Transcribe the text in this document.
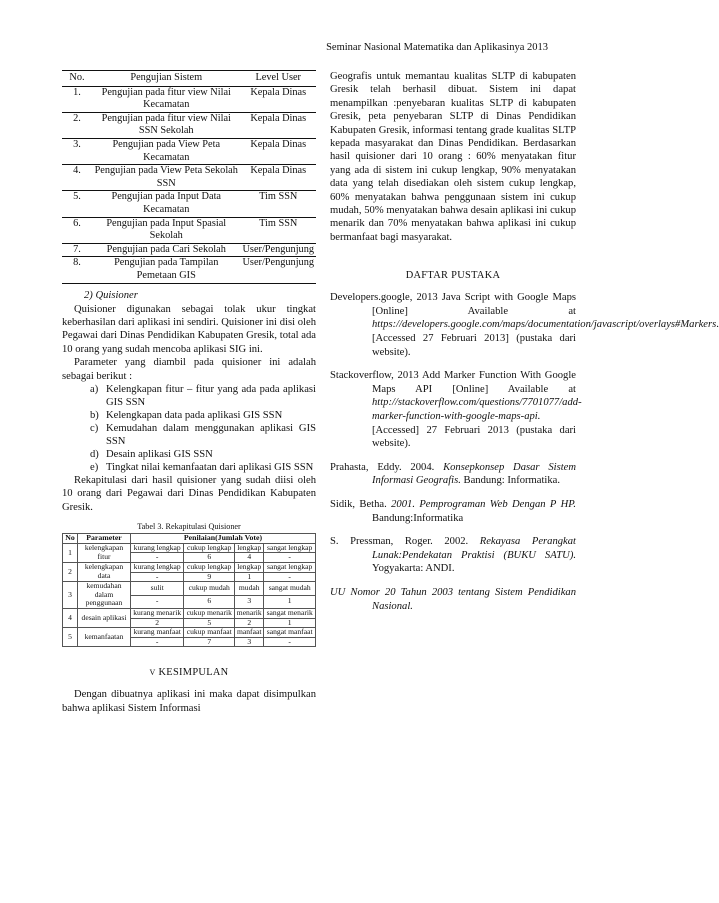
Seminar Nasional Matematika dan Aplikasinya 2013
No.	Pengujian Sistem	Level User
1.	Pengujian pada fitur view Nilai Kecamatan	Kepala Dinas
2.	Pengujian pada fitur view Nilai SSN Sekolah	Kepala Dinas
3.	Pengujian pada View Peta Kecamatan	Kepala Dinas
4.	Pengujian pada View Peta Sekolah SSN	Kepala Dinas
5.	Pengujian pada Input Data Kecamatan	Tim SSN
6.	Pengujian pada Input Spasial Sekolah	Tim SSN
7.	Pengujian pada Cari Sekolah	User/Pengunjung
8.	Pengujian pada Tampilan Pemetaan GIS	User/Pengunjung
2) Quisioner

Quisioner digunakan sebagai tolak ukur tingkat keberhasilan dari aplikasi ini sendiri. Quisioner ini disi oleh Pegawai dari Dinas Pendidikan Kabupaten Gresik, total ada 10 orang yang sudah mencoba aplikasi SIG ini.

Parameter yang diambil pada quisioner ini adalah sebagai berikut :

a) Kelengkapan fitur – fitur yang ada pada aplikasi GIS SSN
b) Kelengkapan data pada aplikasi GIS SSN
c) Kemudahan dalam menggunakan aplikasi GIS SSN
d) Desain aplikasi GIS SSN
e) Tingkat nilai kemanfaatan dari aplikasi GIS SSN

Rekapitulasi dari hasil quisioner yang sudah diisi oleh 10 orang dari Pegawai dari Dinas Pendidikan Kabupaten Gresik.

Tabel 3. Rekapitulasi Quisioner
No	Parameter	Penilaian(Jumlah Vote)			
1	kelengkapan fitur	kurang lengkap	cukup lengkap	lengkap	sangat lengkap
		-	6	4	-
2	kelengkapan data	kurang lengkap	cukup lengkap	lengkap	sangat lengkap
		-	9	1	-
3	kemudahan dalam penggunaan	sulit	cukup mudah	mudah	sangat mudah
		-	6	3	1
4	desain aplikasi	kurang menarik	cukup menarik	menarik	sangat menarik
		2	5	2	1
5	kemanfaatan	kurang manfaat	cukup manfaat	manfaat	sangat manfaat
		-	7	3	-
V KESIMPULAN

Dengan dibuatnya aplikasi ini maka dapat disimpulkan bahwa aplikasi Sistem Informasi

Geografis untuk memantau kualitas SLTP di kabupaten Gresik telah berhasil dibuat. Sistem ini dapat menampilkan :penyebaran kualitas SLTP di kabupaten Gresik, peta penyebaran SLTP di Dinas Pendidikan Kabupaten Gresik, informasi tentang grade kualitas SLTP kepada masyarakat dan Dinas Pendidikan. Berdasarkan hasil quisioner dari 10 orang : 60% menyatakan fitur yang ada di sistem ini cukup lengkap, 90% menyatakan data yang telah disediakan oleh sistem cukup lengkap, 60% menyatakan bahwa penggunaan sistem ini cukup mudah, 50% menyatakan bahwa desain aplikasi ini cukup menarik dan 70% menyatakan bahwa aplikasi ini cukup bermanfaat bagi masyarakat.

DAFTAR PUSTAKA

Developers.google, 2013 Java Script with Google Maps [Online] Available at https://developers.google.com/maps/documentation/javascript/overlays#Markers. [Accessed 27 Februari 2013] (pustaka dari website).

Stackoverflow, 2013 Add Marker Function With Google Maps API [Online] Available at http://stackoverflow.com/questions/7701077/add-marker-function-with-google-maps-api. [Accessed] 27 Februari 2013 (pustaka dari website).

Prahasta, Eddy. 2004. Konsepkonsep Dasar Sistem Informasi Geografis. Bandung: Informatika.

Sidik, Betha. 2001. Pemprograman Web Dengan P HP. Bandung:Informatika

S. Pressman, Roger. 2002. Rekayasa Perangkat Lunak:Pendekatan Praktisi (BUKU SATU). Yogyakarta: ANDI.

UU Nomor 20 Tahun 2003 tentang Sistem Pendidikan Nasional.
